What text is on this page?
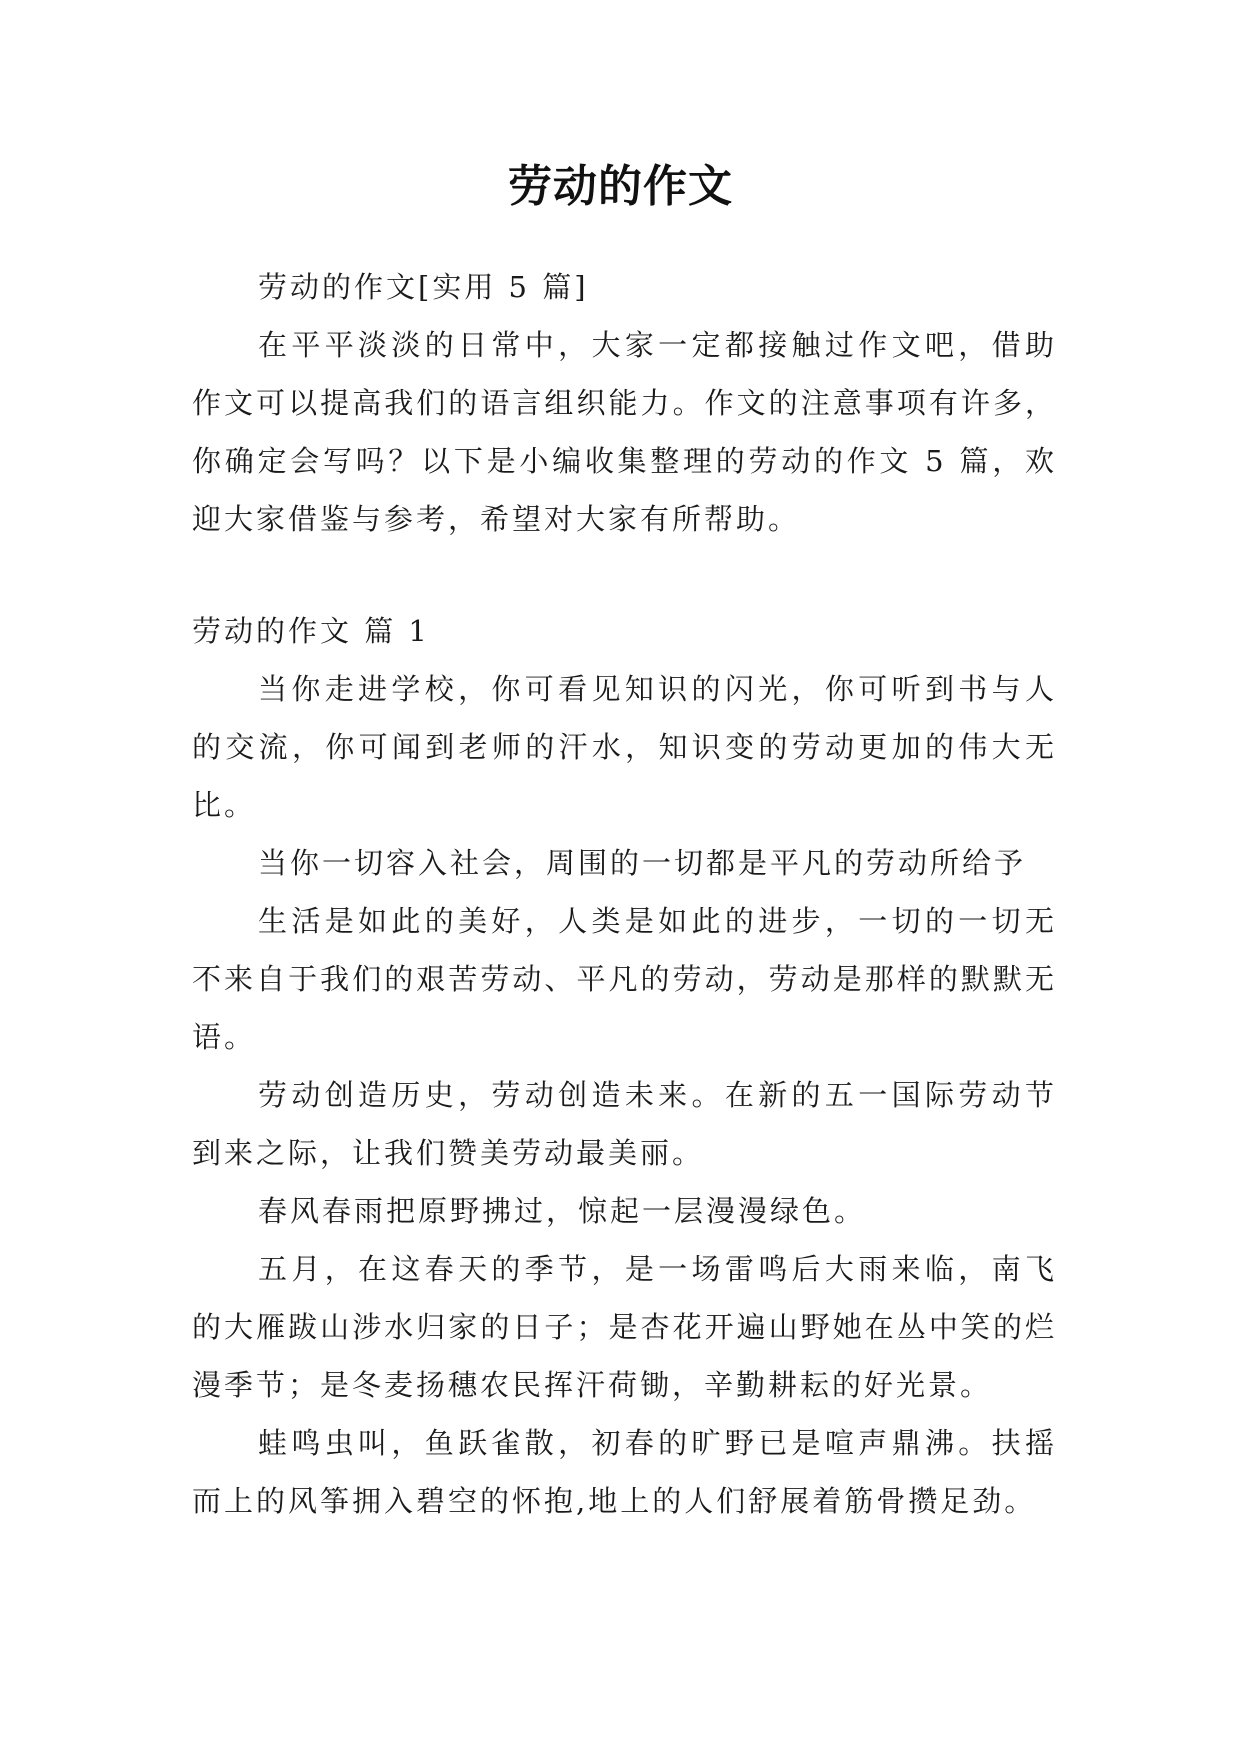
劳动的作文

劳动的作文[实用 5 篇]

在平平淡淡的日常中，大家一定都接触过作文吧，借助作文可以提高我们的语言组织能力。作文的注意事项有许多，你确定会写吗？以下是小编收集整理的劳动的作文 5 篇，欢迎大家借鉴与参考，希望对大家有所帮助。

劳动的作文 篇 1

当你走进学校，你可看见知识的闪光，你可听到书与人的交流，你可闻到老师的汗水，知识变的劳动更加的伟大无比。

当你一切容入社会，周围的一切都是平凡的劳动所给予

生活是如此的美好，人类是如此的进步，一切的一切无不来自于我们的艰苦劳动、平凡的劳动，劳动是那样的默默无语。

劳动创造历史，劳动创造未来。在新的五一国际劳动节到来之际，让我们赞美劳动最美丽。

春风春雨把原野拂过，惊起一层漫漫绿色。

五月，在这春天的季节，是一场雷鸣后大雨来临，南飞的大雁跋山涉水归家的日子；是杏花开遍山野她在丛中笑的烂漫季节；是冬麦扬穗农民挥汗荷锄，辛勤耕耘的好光景。

蛙鸣虫叫，鱼跃雀散，初春的旷野已是喧声鼎沸。扶摇而上的风筝拥入碧空的怀抱,地上的人们舒展着筋骨攒足劲。
